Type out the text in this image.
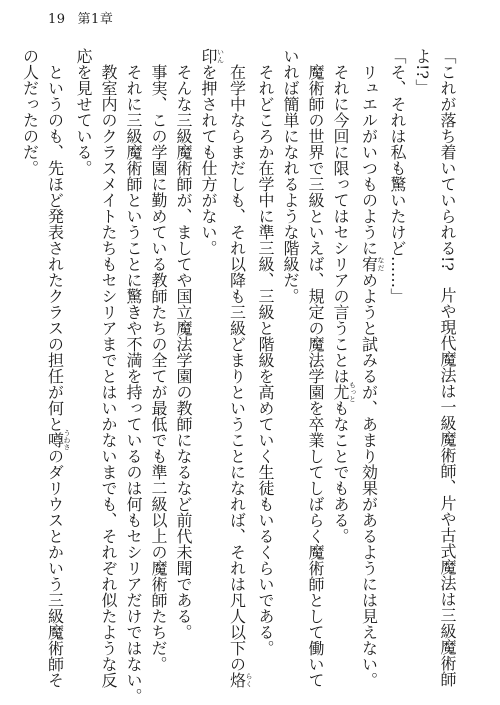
19 第1章

「これが落ち着いていられる!?　片や現代魔法は一級魔術師、片や古式魔法は三級魔術師

よ!?」

「そ、それは私も驚いたけど……」

　リュエルがいつものように宥なだめようと試みるが、あまり効果があるようには見えない。

　それに今回に限ってはセシリアの言うことは尤もっともなことでもある。

　魔術師の世界で三級といえば、規定の魔法学園を卒業してしばらく魔術師として働いて

いれば簡単になれるような階級だ。

　それどころか在学中に準三級、三級と階級を高めていく生徒もいるくらいである。

　在学中ならまだしも、それ以降も三級どまりということになれば、それは凡人以下の烙らく

印いんを押されても仕方がない。

　そんな三級魔術師が、ましてや国立魔法学園の教師になるなど前代未聞である。

　事実、この学園に勤めている教師たちの全てが最低でも準二級以上の魔術師たちだ。

　それに三級魔術師ということに驚きや不満を持っているのは何もセシリアだけではない。

　教室内のクラスメイトたちもセシリアまでとはいかないまでも、それぞれ似たような反

応を見せている。

　というのも、先ほど発表されたクラスの担任が何と噂うわさのダリウスとかいう三級魔術師そ

の人だったのだ。
